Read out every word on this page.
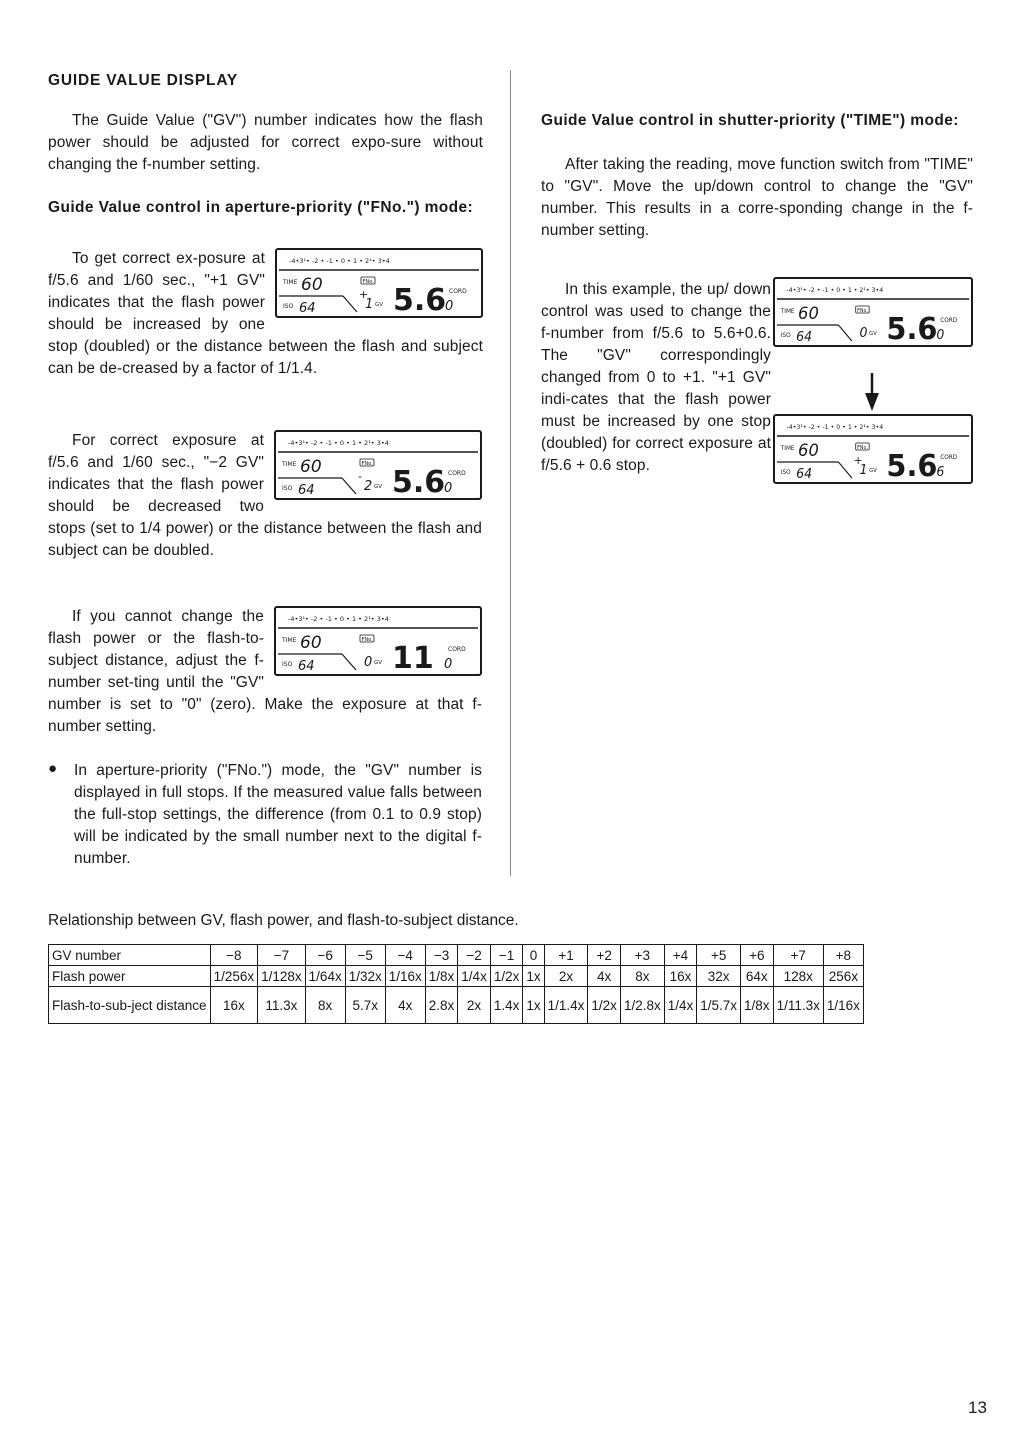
GUIDE VALUE DISPLAY

The Guide Value ("GV") number indicates how the flash power should be adjusted for correct expo-sure without changing the f-number setting.

Guide Value control in aperture-priority ("FNo.") mode:

-4•3¹• -2 • -1 • 0 • 1 • 2¹• 3•4
TIME 60	FNo.
CORD
ISO 64
+
1 GV 5.6
0

To get correct ex-posure at f/5.6 and 1/60 sec., "+1 GV" indicates that the flash power should be increased by one stop (doubled) or the distance between the flash and subject can be de-creased by a factor of 1/1.4.

-4•3¹• -2 • -1 • 0 • 1 • 2¹• 3•4
TIME 60	FNo.
CORD
ISO 64
-
2 GV 5.6
0

For correct exposure at f/5.6 and 1/60 sec., "−2 GV" indicates that the flash power should be decreased two stops (set to 1/4 power) or the distance between the flash and subject can be doubled.

-4•3¹• -2 • -1 • 0 • 1 • 2¹• 3•4
TIME 60	FNo.
CORD
ISO 64	0 GV 11 0

If you cannot change the flash power or the flash-to-subject distance, adjust the f-number set-ting until the "GV" number is set to "0" (zero). Make the exposure at that f-number setting.

● In aperture-priority ("FNo.") mode, the "GV" number is displayed in full stops. If the measured value falls between the full-stop settings, the difference (from 0.1 to 0.9 stop) will be indicated by the small number next to the digital f-number.

Guide Value control in shutter-priority ("TIME") mode:

After taking the reading, move function switch from "TIME" to "GV". Move the up/down control to change the "GV" number. This results in a corre-sponding change in the f-number setting.

In this example, the up/ down control was used to change the f-number from f/5.6 to 5.6+0.6. The "GV" correspondingly changed from 0 to +1. "+1 GV" indi-cates that the flash power must be increased by one stop (doubled) for correct exposure at f/5.6 + 0.6 stop.

-4•3¹• -2 • -1 • 0 • 1 • 2¹• 3•4
TIME 60	FNo.
CORD
ISO 64	0 GV 5.6
0
-4•3¹• -2 • -1 • 0 • 1 • 2¹• 3•4
TIME 60	FNo.
CORD
ISO 64
+
1 GV 5.6
6
Relationship between GV, flash power, and flash-to-subject distance.
GV number	−8	−7	−6	−5	−4	−3	−2	−1	0	+1	+2	+3	+4	+5	+6	+7	+8
Flash power	1/256x	1/128x	1/64x	1/32x	1/16x	1/8x	1/4x	1/2x	1x	2x	4x	8x	16x	32x	64x	128x	256x
Flash-to-sub-ject distance	16x	11.3x	8x	5.7x	4x	2.8x	2x	1.4x	1x	1/1.4x	1/2x	1/2.8x	1/4x	1/5.7x	1/8x	1/11.3x	1/16x
13
